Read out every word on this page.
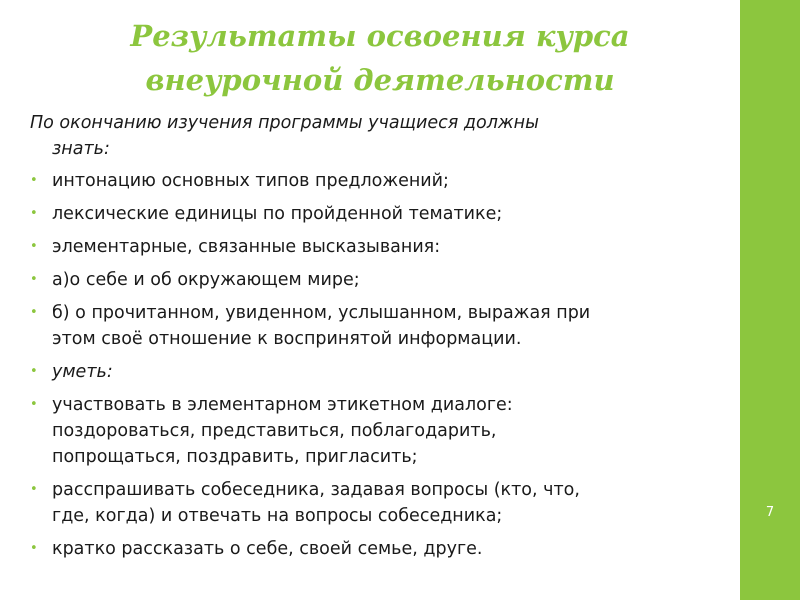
Результаты освоения курса
внеурочной деятельности

По окончанию изучения программы учащиеся должны
знать:

• интонацию основных типов предложений;
• лексические единицы по пройденной тематике;
• элементарные, связанные высказывания:
• а)о себе и об окружающем мире;
• б) о прочитанном, увиденном, услышанном, выражая при
этом своё отношение к воспринятой информации.
• уметь:
• участвовать в элементарном этикетном диалоге:
поздороваться, представиться, поблагодарить,
попрощаться, поздравить, пригласить;
• расспрашивать собеседника, задавая вопросы (кто, что,
где, когда) и отвечать на вопросы собеседника;
• кратко рассказать о себе, своей семье, друге.
7
